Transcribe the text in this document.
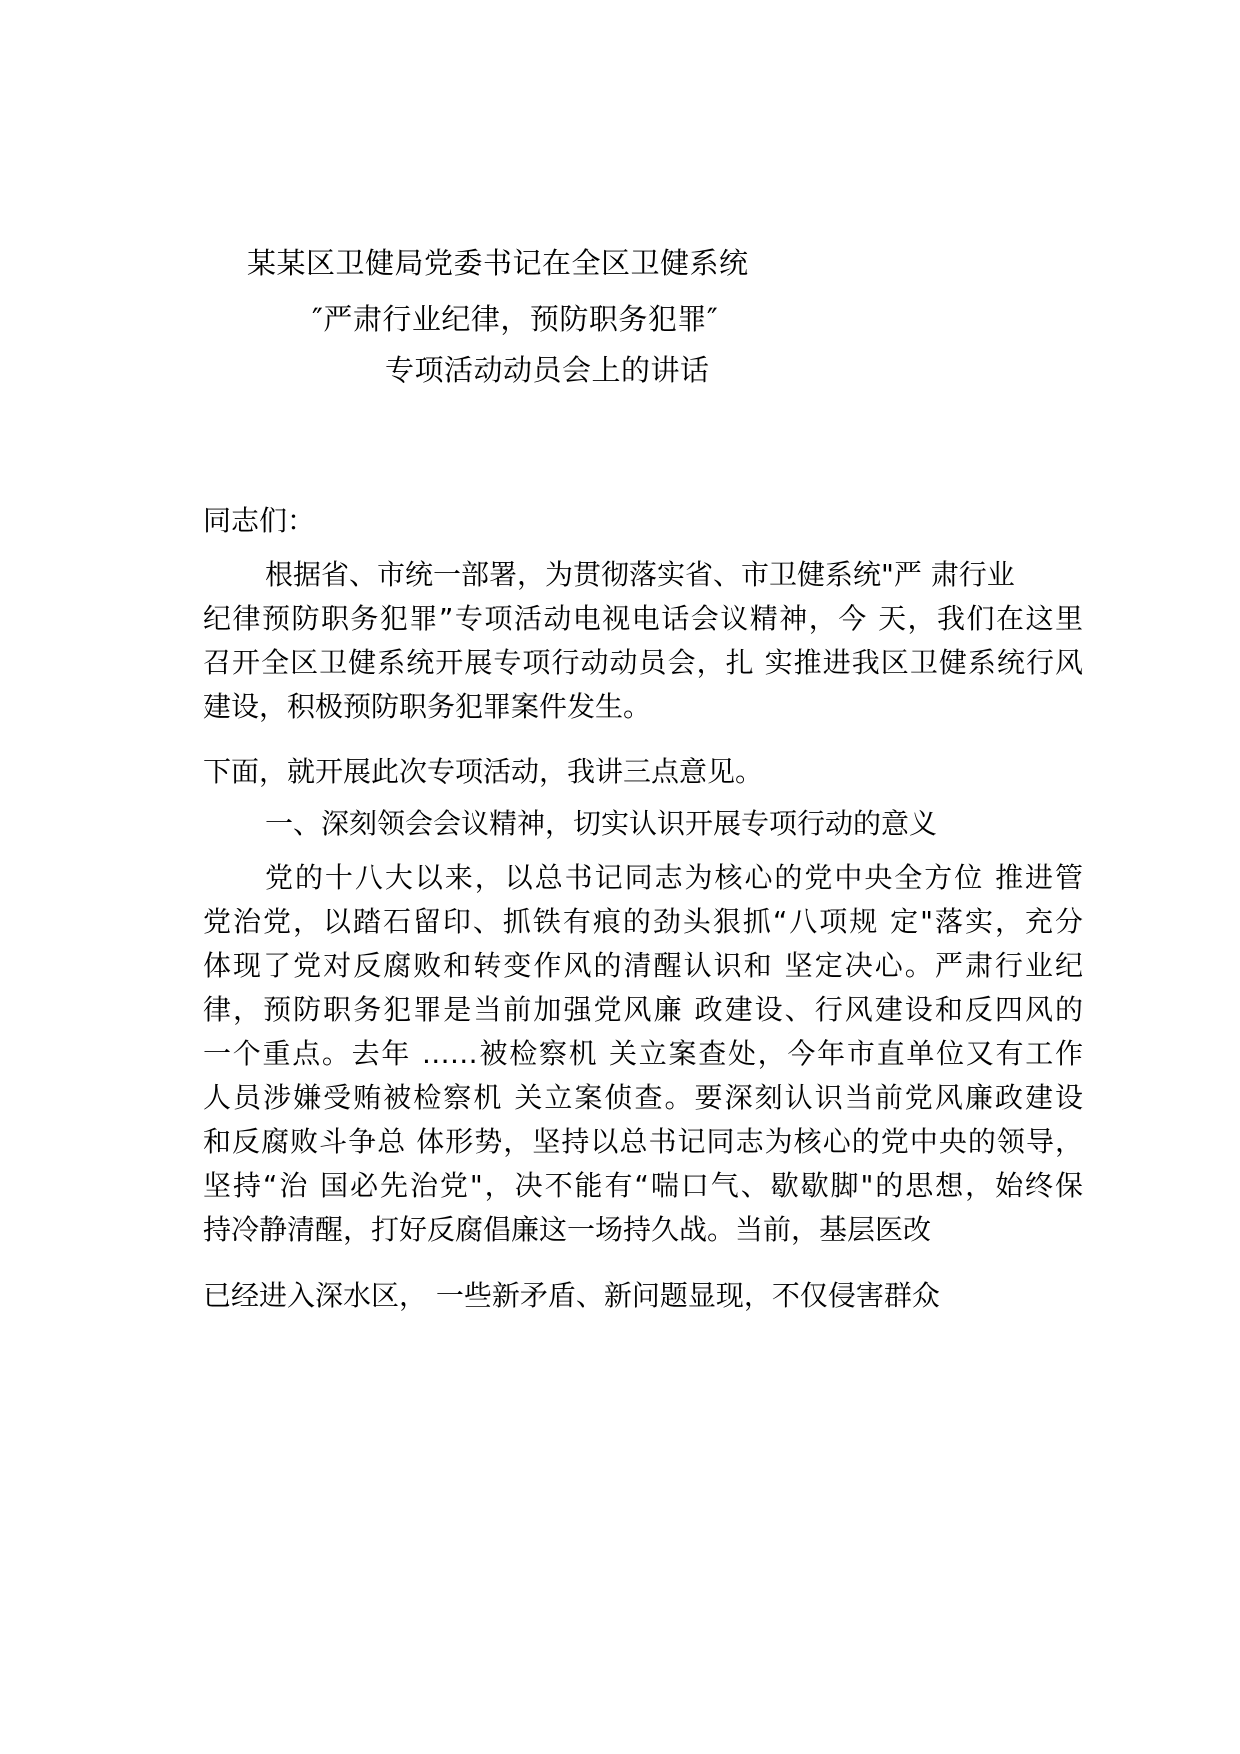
某某区卫健局党委书记在全区卫健系统
″严肃行业纪律，预防职务犯罪″
专项活动动员会上的讲话
同志们：
根据省、市统一部署，为贯彻落实省、市卫健系统"严 肃行业
纪律预防职务犯罪”专项活动电视电话会议精神，今 天，我们在这里
召开全区卫健系统开展专项行动动员会，扎 实推进我区卫健系统行风
建设，积极预防职务犯罪案件发生。
下面，就开展此次专项活动，我讲三点意见。
一、深刻领会会议精神，切实认识开展专项行动的意义
党的十八大以来，以总书记同志为核心的党中央全方位 推进管
党治党，以踏石留印、抓铁有痕的劲头狠抓“八项规 定"落实，充分
体现了党对反腐败和转变作风的清醒认识和 坚定决心。严肃行业纪
律，预防职务犯罪是当前加强党风廉 政建设、行风建设和反四风的
一个重点。去年 ……被检察机 关立案查处，今年市直单位又有工作
人员涉嫌受贿被检察机 关立案侦查。要深刻认识当前党风廉政建设
和反腐败斗争总 体形势，坚持以总书记同志为核心的党中央的领导，
坚持“治 国必先治党"，决不能有“喘口气、歇歇脚"的思想，始终保
持冷静清醒，打好反腐倡廉这一场持久战。当前，基层医改
已经进入深水区， 一些新矛盾、新问题显现，不仅侵害群众
